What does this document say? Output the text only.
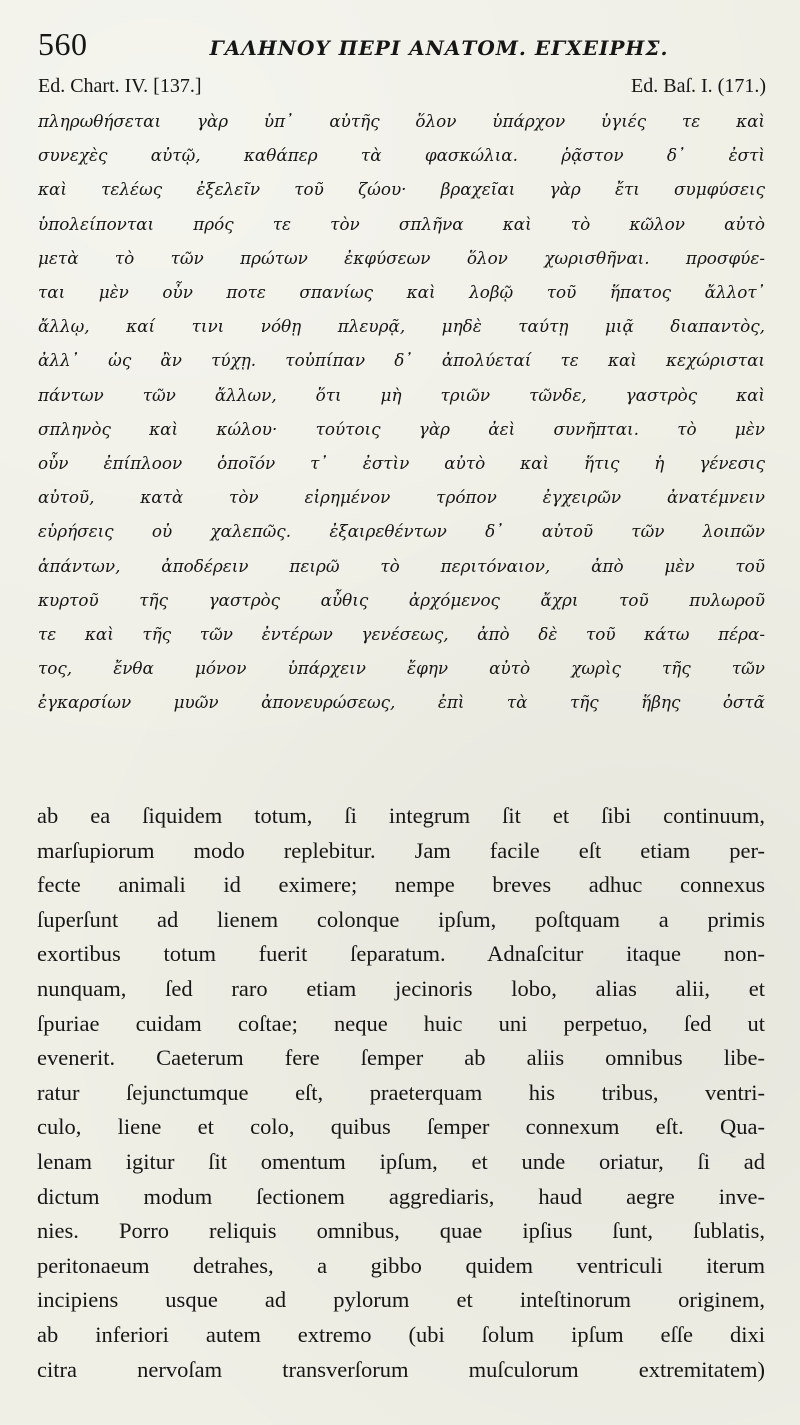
560	ΓΑΛΗΝΟΥ ΠΕΡΙ ΑΝΑΤΟΜ. ΕΓΧΕΙΡΗΣ.
Ed. Chart. IV. [137.]	Ed. Baſ. I. (171.)
πληρωθήσεται γὰρ ὑπ᾽ αὐτῆς ὅλον ὑπάρχον ὑγιές τε καὶ
συνεχὲς αὐτῷ, καθάπερ τὰ φασκώλια. ῥᾷστον δ᾽ ἐστὶ
καὶ τελέως ἐξελεῖν τοῦ ζώου· βραχεῖαι γὰρ ἔτι συμφύσεις
ὑπολείπονται πρός τε τὸν σπλῆνα καὶ τὸ κῶλον αὐτὸ
μετὰ τὸ τῶν πρώτων ἐκφύσεων ὅλον χωρισθῆναι. προσφύε-
ται μὲν οὖν ποτε σπανίως καὶ λοβῷ τοῦ ἥπατος ἄλλοτ᾽
ἄλλῳ, καί τινι νόθῃ πλευρᾷ, μηδὲ ταύτῃ μιᾷ διαπαντὸς,
ἀλλ᾽ ὡς ἂν τύχῃ. τοὐπίπαν δ᾽ ἀπολύεταί τε καὶ κεχώρισται
πάντων τῶν ἄλλων, ὅτι μὴ τριῶν τῶνδε, γαστρὸς καὶ
σπληνὸς καὶ κώλου· τούτοις γὰρ ἀεὶ συνῆπται. τὸ μὲν
οὖν ἐπίπλοον ὁποῖόν τ᾽ ἐστὶν αὐτὸ καὶ ἥτις ἡ γένεσις
αὐτοῦ, κατὰ τὸν εἰρημένον τρόπον ἐγχειρῶν ἀνατέμνειν
εὑρήσεις οὐ χαλεπῶς. ἐξαιρεθέντων δ᾽ αὐτοῦ τῶν λοιπῶν
ἁπάντων, ἀποδέρειν πειρῶ τὸ περιτόναιον, ἀπὸ μὲν τοῦ
κυρτοῦ τῆς γαστρὸς αὖθις ἀρχόμενος ἄχρι τοῦ πυλωροῦ
τε καὶ τῆς τῶν ἐντέρων γενέσεως, ἀπὸ δὲ τοῦ κάτω πέρα-
τος, ἔνθα μόνον ὑπάρχειν ἔφην αὐτὸ χωρὶς τῆς τῶν
ἐγκαρσίων μυῶν ἀπονευρώσεως, ἐπὶ τὰ τῆς ἥβης ὀστᾶ
ab ea ſiquidem totum, ſi integrum ſit et ſibi continuum,
marſupiorum modo replebitur. Jam facile eſt etiam per-
fecte animali id eximere; nempe breves adhuc connexus
ſuperſunt ad lienem colonque ipſum, poſtquam a primis
exortibus totum fuerit ſeparatum. Adnaſcitur itaque non-
nunquam, ſed raro etiam jecinoris lobo, alias alii, et
ſpuriae cuidam coſtae; neque huic uni perpetuo, ſed ut
evenerit. Caeterum fere ſemper ab aliis omnibus libe-
ratur ſejunctumque eſt, praeterquam his tribus, ventri-
culo, liene et colo, quibus ſemper connexum eſt. Qua-
lenam igitur ſit omentum ipſum, et unde oriatur, ſi ad
dictum modum ſectionem aggrediaris, haud aegre inve-
nies. Porro reliquis omnibus, quae ipſius ſunt, ſublatis,
peritonaeum detrahes, a gibbo quidem ventriculi iterum
incipiens usque ad pylorum et inteſtinorum originem,
ab inferiori autem extremo (ubi ſolum ipſum eſſe dixi
citra nervoſam transverſorum muſculorum extremitatem)
